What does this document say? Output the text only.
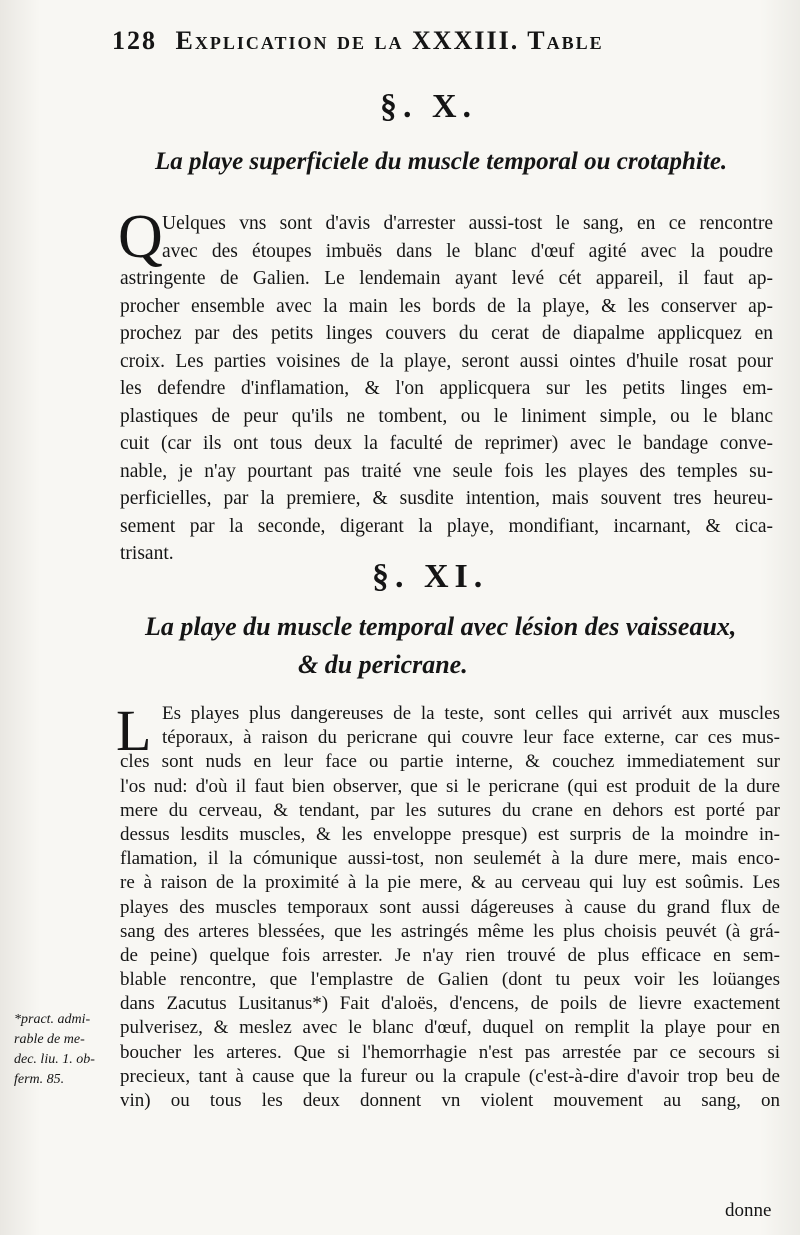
128 Explication de la XXXIII. Table
§. X.
La playe superficiele du muscle temporal ou crotaphite.
Q Uelques vns sont d'avis d'arrester aussi-tost le sang, en ce rencontre
avec des étoupes imbuës dans le blanc d'œuf agité avec la poudre
astringente de Galien. Le lendemain ayant levé cét appareil, il faut ap-
procher ensemble avec la main les bords de la playe, & les conserver ap-
prochez par des petits linges couvers du cerat de diapalme applicquez en
croix. Les parties voisines de la playe, seront aussi ointes d'huile rosat pour
les defendre d'inflamation, & l'on applicquera sur les petits linges em-
plastiques de peur qu'ils ne tombent, ou le liniment simple, ou le blanc
cuit (car ils ont tous deux la faculté de reprimer) avec le bandage conve-
nable, je n'ay pourtant pas traité vne seule fois les playes des temples su-
perficielles, par la premiere, & susdite intention, mais souvent tres heureu-
sement par la seconde, digerant la playe, mondifiant, incarnant, & cica-
trisant.
§. XI.
La playe du muscle temporal avec lésion des vaisseaux,
& du pericrane.
L Es playes plus dangereuses de la teste, sont celles qui arrivét aux muscles
téporaux, à raison du pericrane qui couvre leur face externe, car ces mus-
cles sont nuds en leur face ou partie interne, & couchez immediatement sur
l'os nud: d'où il faut bien observer, que si le pericrane (qui est produit de la dure
mere du cerveau, & tendant, par les sutures du crane en dehors est porté par
dessus lesdits muscles, & les enveloppe presque) est surpris de la moindre in-
flamation, il la cómunique aussi-tost, non seulemét à la dure mere, mais enco-
re à raison de la proximité à la pie mere, & au cerveau qui luy est soûmis. Les
playes des muscles temporaux sont aussi dágereuses à cause du grand flux de
sang des arteres blessées, que les astringés même les plus choisis peuvét (à grá-
de peine) quelque fois arrester. Je n'ay rien trouvé de plus efficace en sem-
blable rencontre, que l'emplastre de Galien (dont tu peux voir les loüanges
dans Zacutus Lusitanus*) Fait d'aloës, d'encens, de poils de lievre exactement
pulverisez, & meslez avec le blanc d'œuf, duquel on remplit la playe pour en
boucher les arteres. Que si l'hemorrhagie n'est pas arrestée par ce secours si
precieux, tant à cause que la fureur ou la crapule (c'est-à-dire d'avoir trop beu de
vin) ou tous les deux donnent vn violent mouvement au sang, on
*pract. admi-
rable de me-
dec. liu. 1. ob-
ferm. 85.
donne
